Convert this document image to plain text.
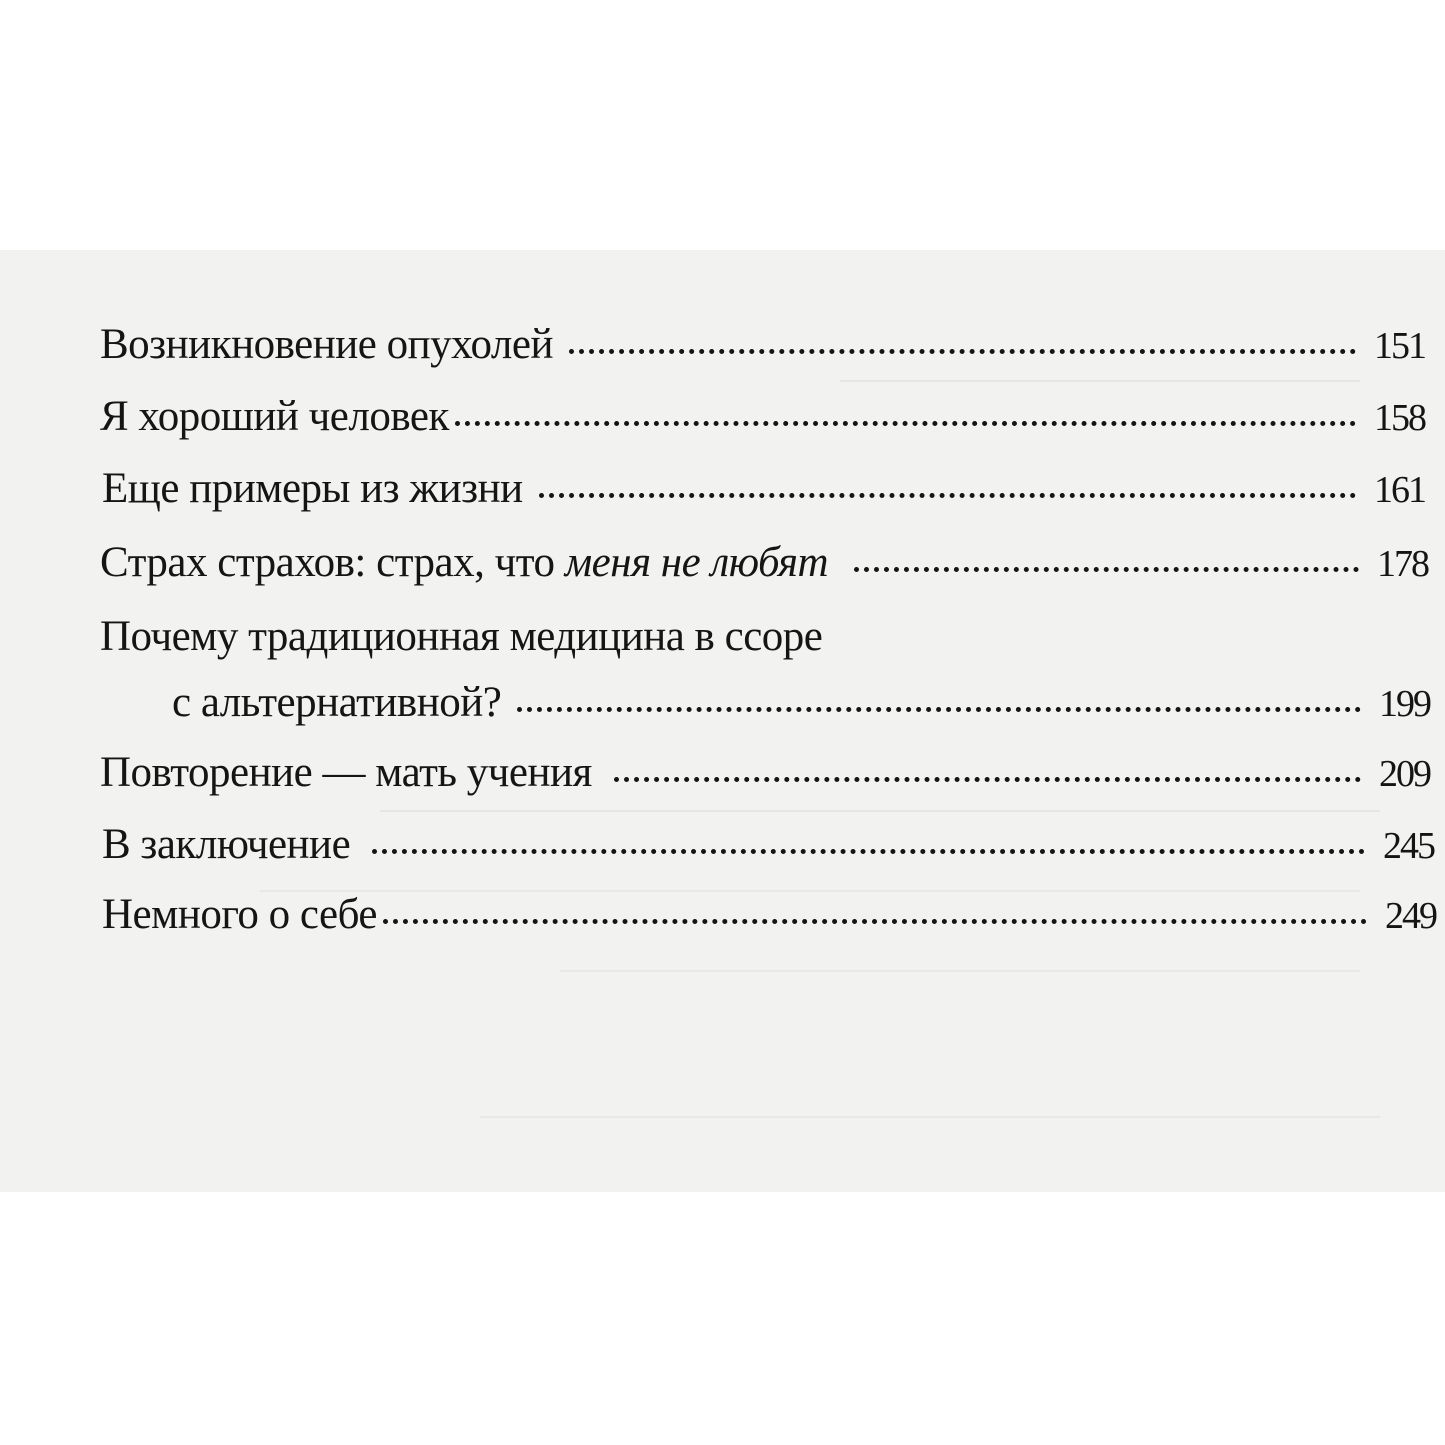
Возникновение опухолей	151
Я хороший человек	158
Еще примеры из жизни	161
Страх страхов: страх, что меня не любят	178
Почему традиционная медицина в ссоре
с альтернативной?	199
Повторение — мать учения	209
В заключение	245
Немного о себе	249
